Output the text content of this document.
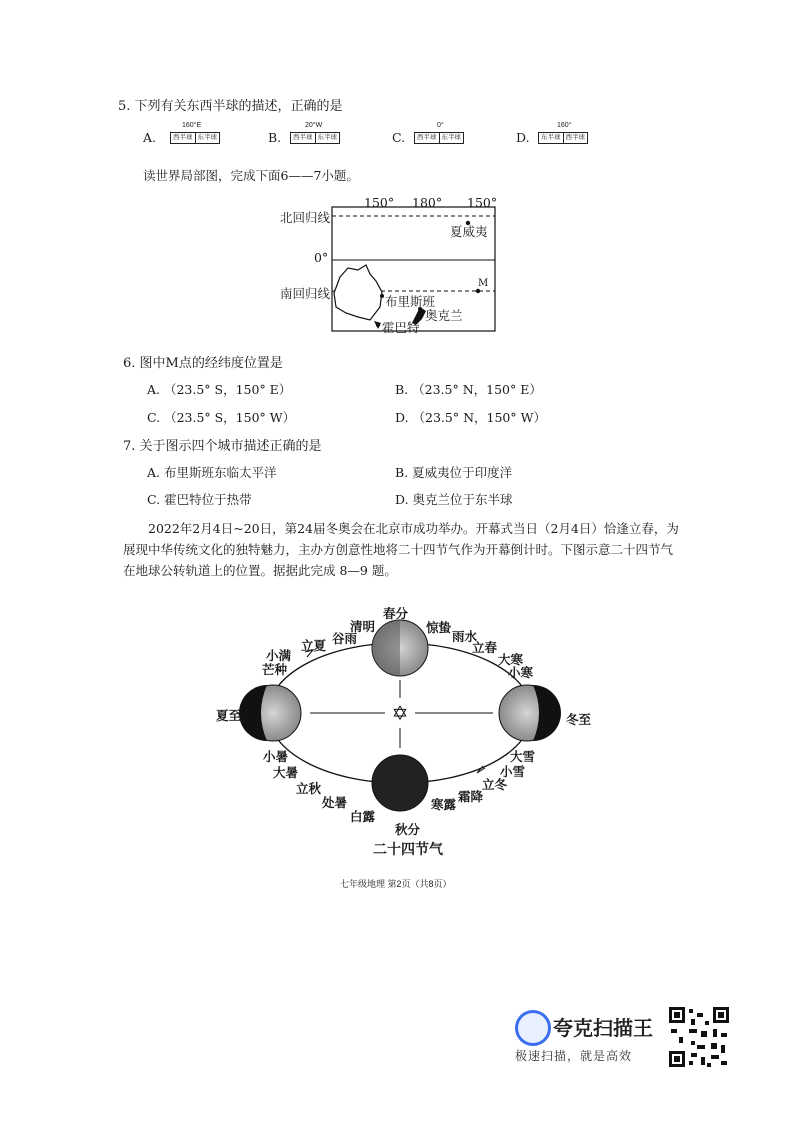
5. 下列有关东西半球的描述，正确的是
A.
160°E
西半球 东半球	B.
20°W
西半球 东半球	C.
0°
西半球 东半球	D.
160°
东半球 西半球
读世界局部图，完成下面6——7小题。
150° 180° 150°
北回归线
0°
南回归线
夏威夷
布里斯班
奥克兰
霍巴特
M
6. 图中M点的经纬度位置是
A. （23.5° S，150° E）	B. （23.5° N，150° E）
C. （23.5° S，150° W）	D. （23.5° N，150° W）
7. 关于图示四个城市描述正确的是
A. 布里斯班东临太平洋	B. 夏威夷位于印度洋
C. 霍巴特位于热带	D. 奥克兰位于东半球
2022年2月4日~20日，第24届冬奥会在北京市成功举办。开幕式当日（2月4日）恰逢立春，为展现中华传统文化的独特魅力，主办方创意性地将二十四节气作为开幕倒计时。下图示意二十四节气在地球公转轨道上的位置。据据此完成 8—9 题。
✡
春分
惊蛰
雨水
立春
大寒
小寒
冬至
大雪
小雪
立冬
霜降
寒露
秋分
白露
处暑
立秋
大暑
小暑
夏至
芒种
小满
立夏 谷雨
清明
二十四节气
七年级地理 第2页（共8页）
夸克扫描王
极速扫描，就是高效
